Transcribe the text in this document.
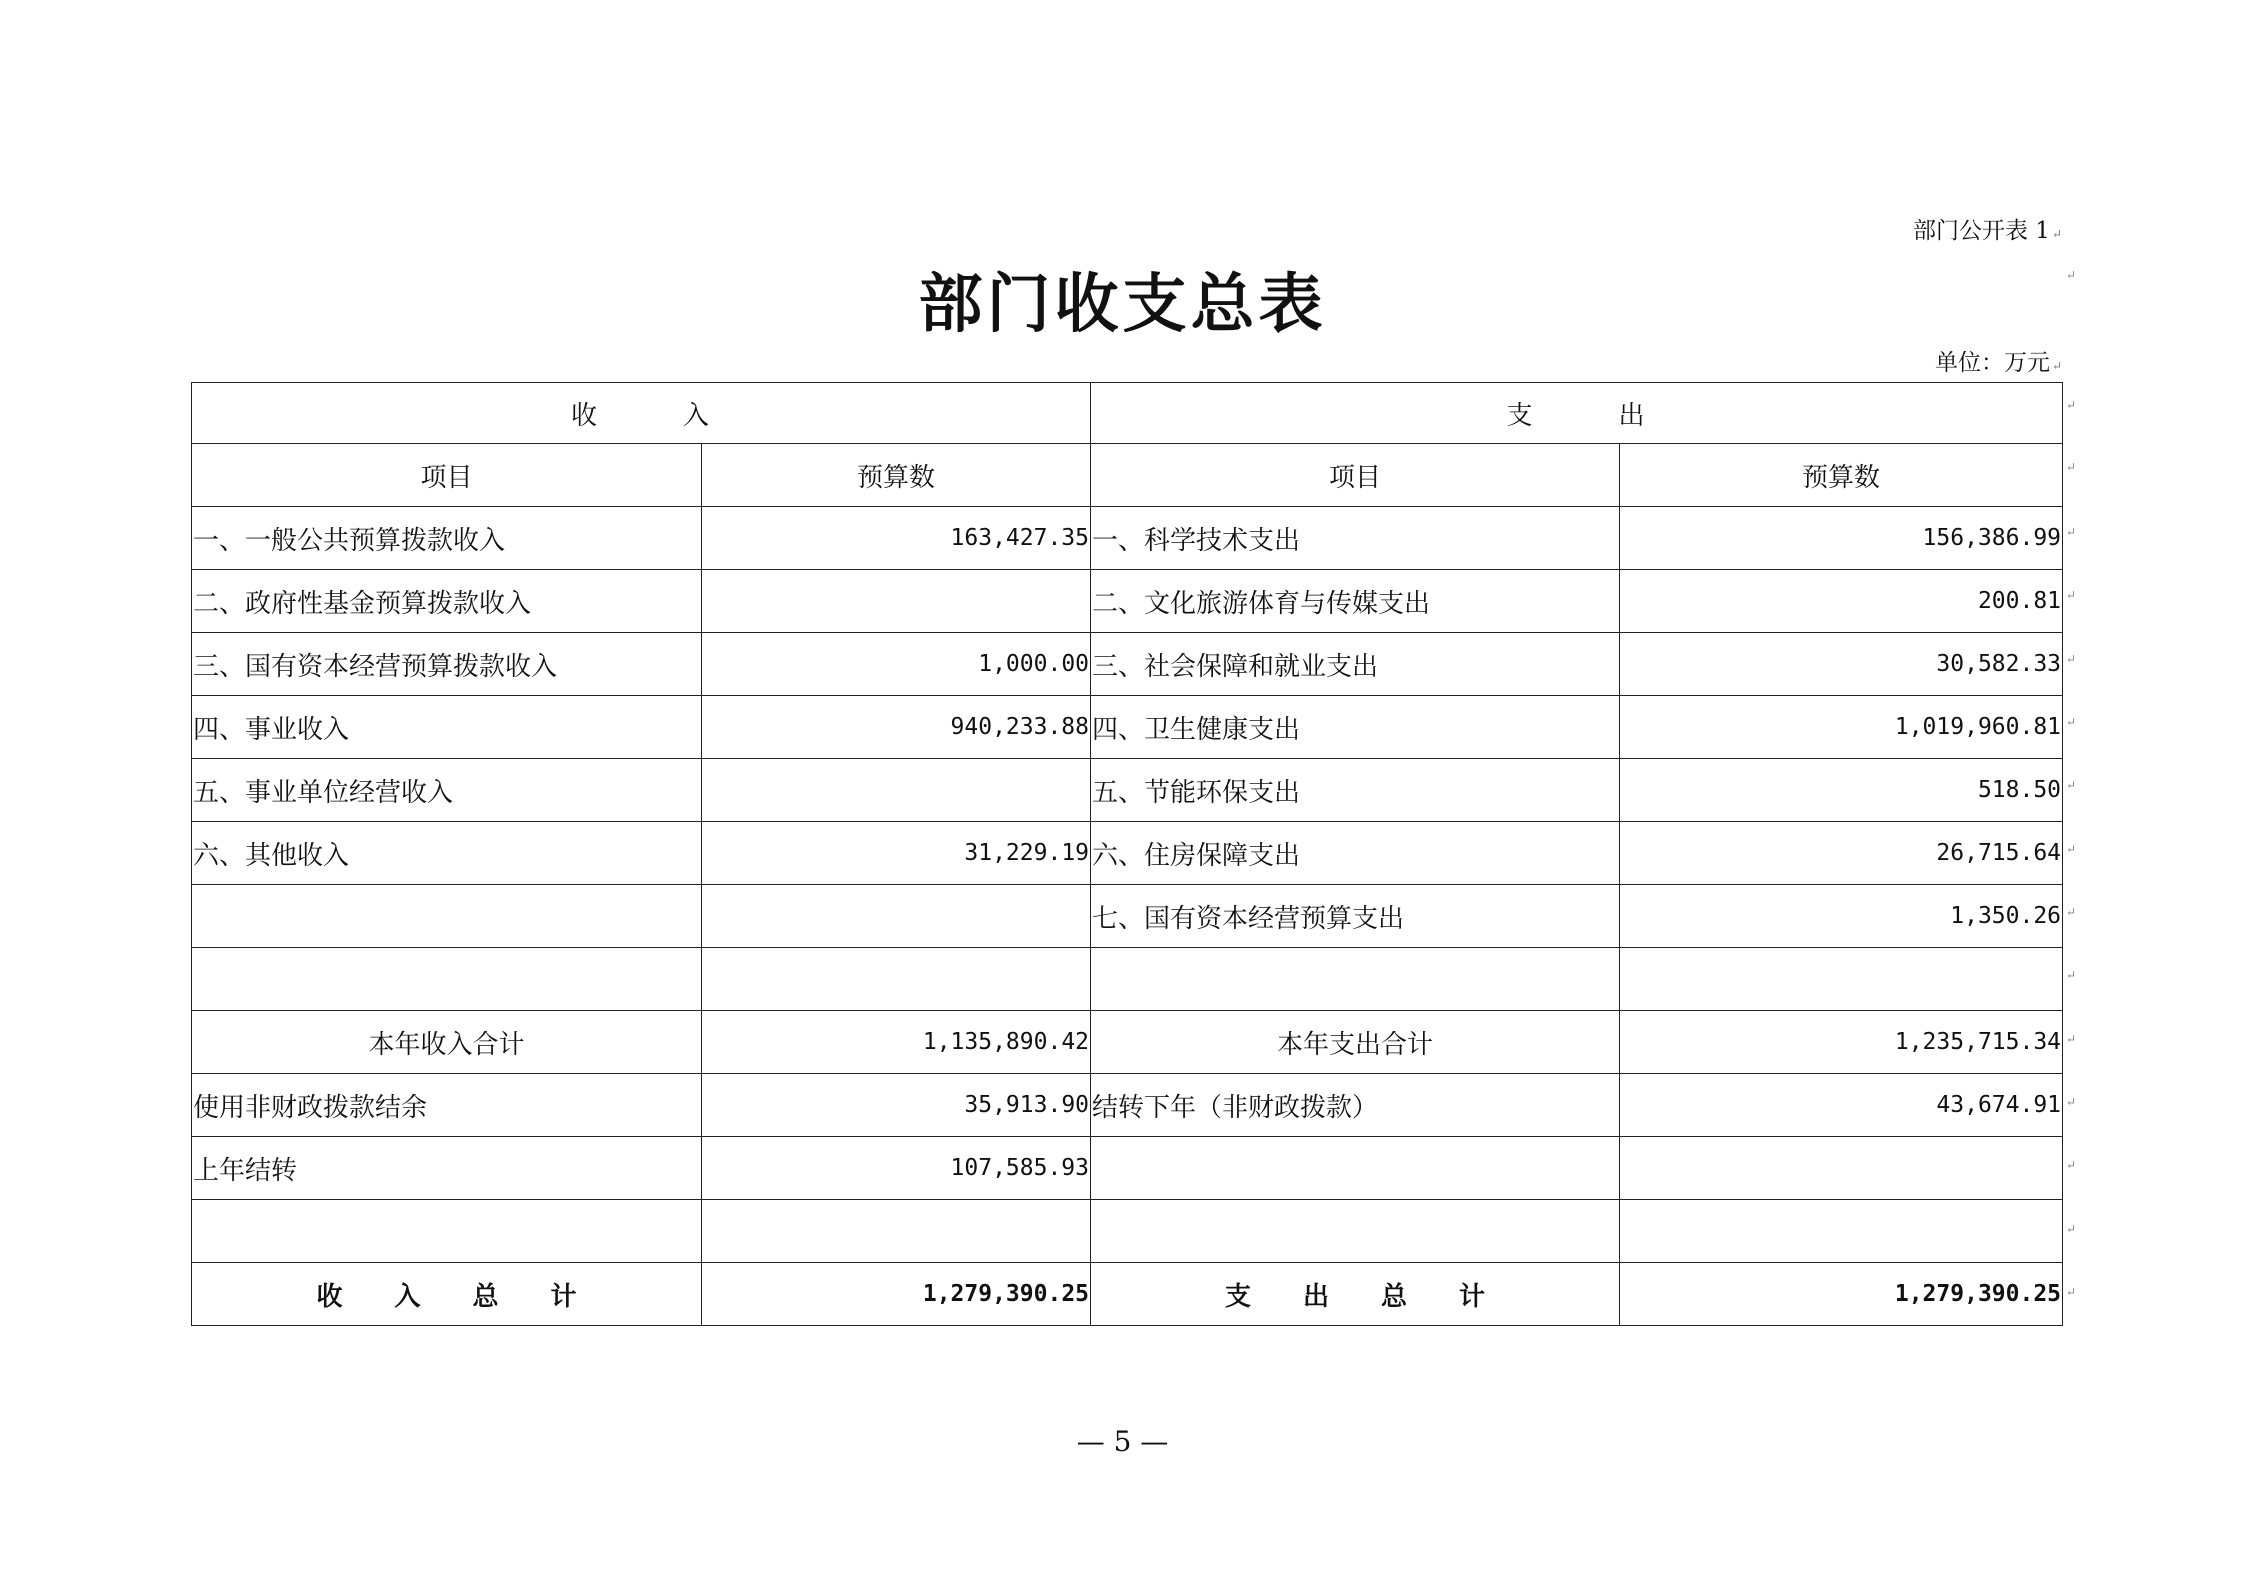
部门公开表 1 ↵
↵
部门收支总表
单位：万元 ↵
收　　　入		支　　　出	
项目	预算数	项目	预算数
一、一般公共预算拨款收入	163,427.35	一、科学技术支出	156,386.99
二、政府性基金预算拨款收入		二、文化旅游体育与传媒支出	200.81
三、国有资本经营预算拨款收入	1,000.00	三、社会保障和就业支出	30,582.33
四、事业收入	940,233.88	四、卫生健康支出	1,019,960.81
五、事业单位经营收入		五、节能环保支出	518.50
六、其他收入	31,229.19	六、住房保障支出	26,715.64
		七、国有资本经营预算支出	1,350.26

本年收入合计	1,135,890.42	本年支出合计	1,235,715.34
使用非财政拨款结余	35,913.90	结转下年（非财政拨款）	43,674.91
上年结转	107,585.93		

收　　入　　总　　计	1,279,390.25	支　　出　　总　　计	1,279,390.25
↵
↵
↵
↵
↵
↵
↵
↵
↵
↵
↵
↵
↵
↵
↵
— 5 —
